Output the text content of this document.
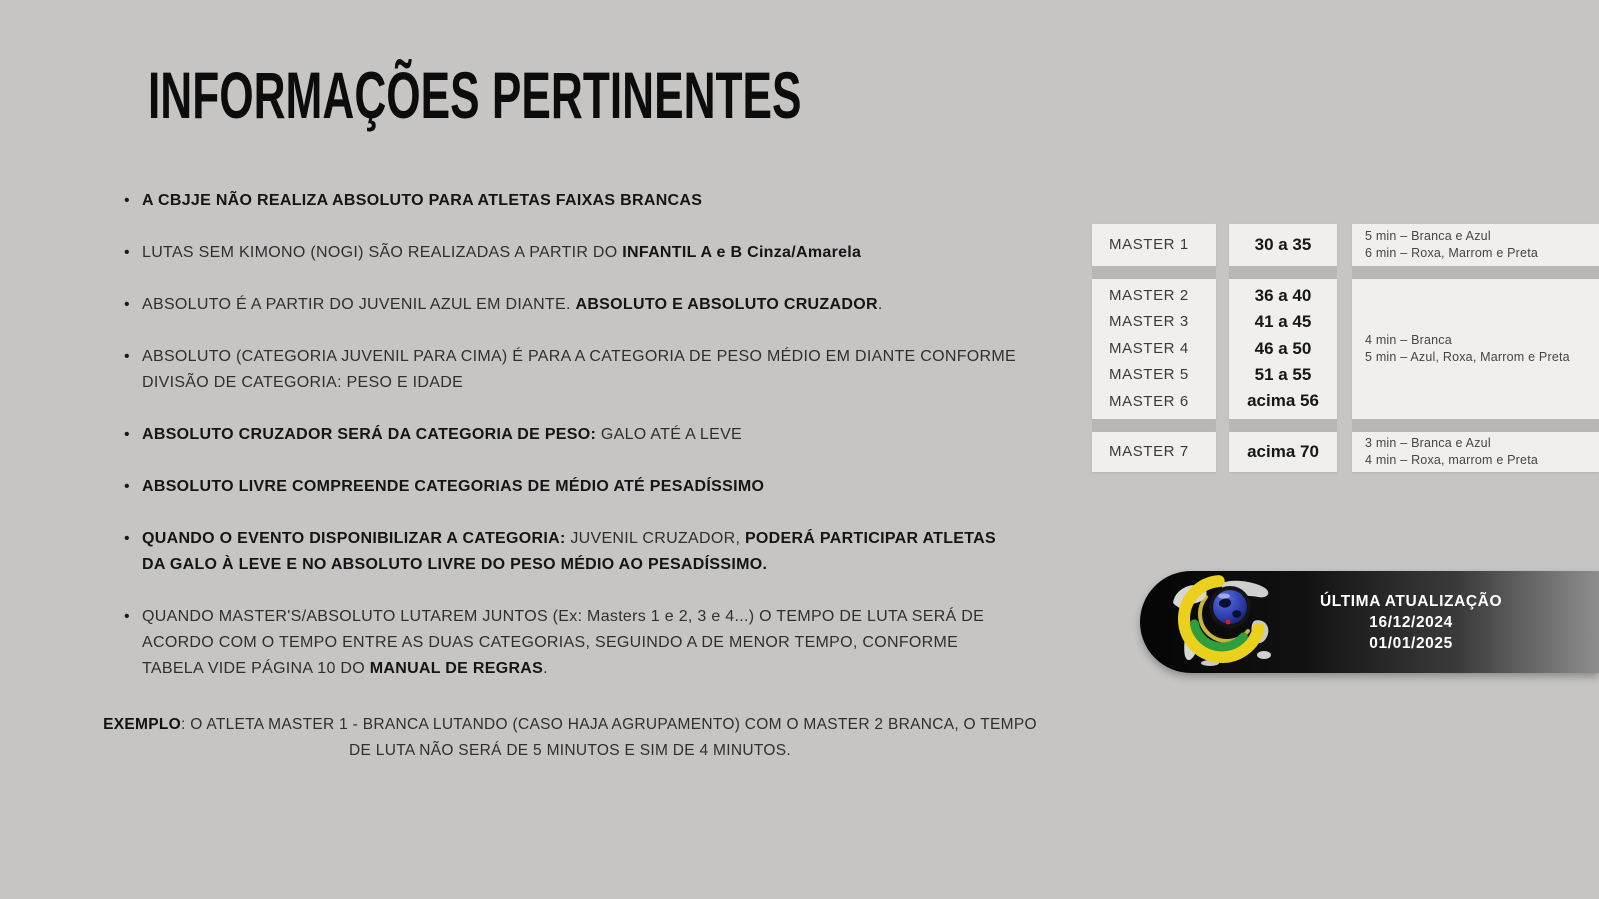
INFORMAÇÕES PERTINENTES
• A CBJJE NÃO REALIZA ABSOLUTO PARA ATLETAS FAIXAS BRANCAS
• LUTAS SEM KIMONO (NOGI) SÃO REALIZADAS A PARTIR DO INFANTIL A e B Cinza/Amarela
• ABSOLUTO É A PARTIR DO JUVENIL AZUL EM DIANTE. ABSOLUTO E ABSOLUTO CRUZADOR.
• ABSOLUTO (CATEGORIA JUVENIL PARA CIMA) É PARA A CATEGORIA DE PESO MÉDIO EM DIANTE CONFORME DIVISÃO DE CATEGORIA: PESO E IDADE
• ABSOLUTO CRUZADOR SERÁ DA CATEGORIA DE PESO: GALO ATÉ A LEVE
• ABSOLUTO LIVRE COMPREENDE CATEGORIAS DE MÉDIO ATÉ PESADÍSSIMO
• QUANDO O EVENTO DISPONIBILIZAR A CATEGORIA: JUVENIL CRUZADOR, PODERÁ PARTICIPAR ATLETAS DA GALO À LEVE E NO ABSOLUTO LIVRE DO PESO MÉDIO AO PESADÍSSIMO.
• QUANDO MASTER'S/ABSOLUTO LUTAREM JUNTOS (Ex: Masters 1 e 2, 3 e 4...) O TEMPO DE LUTA SERÁ DE ACORDO COM O TEMPO ENTRE AS DUAS CATEGORIAS, SEGUINDO A DE MENOR TEMPO, CONFORME TABELA VIDE PÁGINA 10 DO MANUAL DE REGRAS.

EXEMPLO: O ATLETA MASTER 1 - BRANCA LUTANDO (CASO HAJA AGRUPAMENTO) COM O MASTER 2 BRANCA, O TEMPO DE LUTA NÃO SERÁ DE 5 MINUTOS E SIM DE 4 MINUTOS.

MASTER 1
MASTER 2
MASTER 3
MASTER 4
MASTER 5
MASTER 6
MASTER 7
30 a 35
36 a 40
41 a 45
46 a 50
51 a 55
acima 56
acima 70
5 min – Branca e Azul
6 min – Roxa, Marrom e Preta
4 min – Branca
5 min – Azul, Roxa, Marrom e Preta
3 min – Branca e Azul
4 min – Roxa, marrom e Preta
ÚLTIMA ATUALIZAÇÃO
16/12/2024
01/01/2025
